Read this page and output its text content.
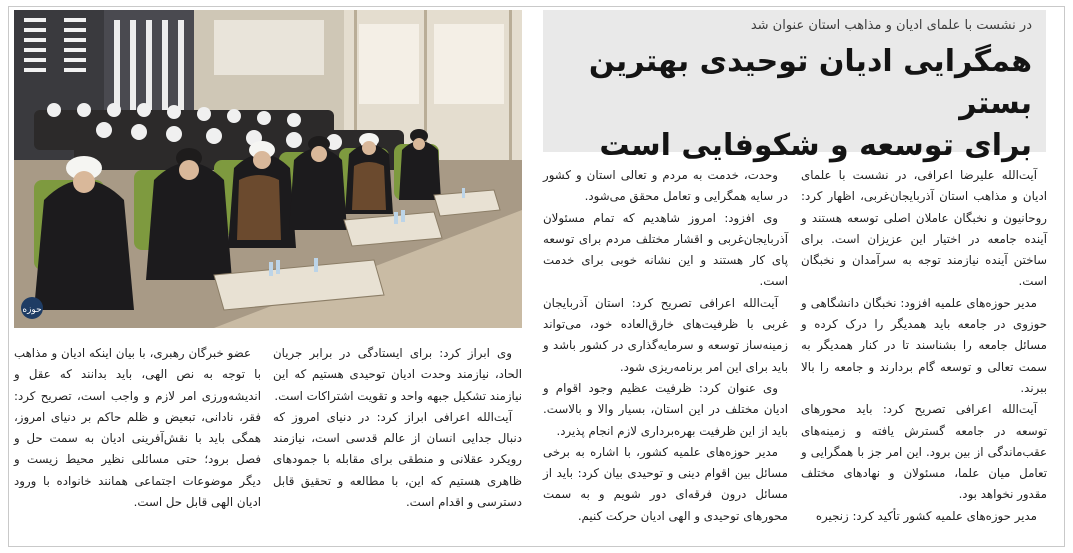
حوزه

در نشست با علمای ادیان و مذاهب استان عنوان شد

همگرایی ادیان توحیدی بهترین بستر

برای توسعه و شکوفایی است

آیت‌الله علیرضا اعرافی، در نشست با علمای ادیان و مذاهب استان آذربایجان‌غربی، اظهار کرد: روحانیون و نخبگان عاملان اصلی توسعه هستند و آینده جامعه در اختیار این عزیزان است. برای ساختن آینده نیازمند توجه به سرآمدان و نخبگان است.

مدیر حوزه‌های علمیه افزود: نخبگان دانشگاهی و حوزوی در جامعه باید همدیگر را درک کرده و مسائل جامعه را بشناسند تا در کنار همدیگر به سمت تعالی و توسعه گام بردارند و جامعه را بالا ببرند.

آیت‌الله اعرافی تصریح کرد: باید محورهای توسعه در جامعه گسترش یافته و زمینه‌های عقب‌ماندگی از بین برود. این امر جز با همگرایی و تعامل میان علما، مسئولان و نهادهای مختلف مقدور نخواهد بود.

مدیر حوزه‌های علمیه کشور تأکید کرد: زنجیره

وحدت، خدمت به مردم و تعالی استان و کشور در سایه همگرایی و تعامل محقق می‌شود.

وی افزود: امروز شاهدیم که تمام مسئولان آذربایجان‌غربی و اقشار مختلف مردم برای توسعه پای کار هستند و این نشانه خوبی برای خدمت است.

آیت‌الله اعرافی تصریح کرد: استان آذربایجان غربی با ظرفیت‌های خارق‌العاده خود، می‌تواند زمینه‌ساز توسعه و سرمایه‌گذاری در کشور باشد و باید برای این امر برنامه‌ریزی شود.

وی عنوان کرد: ظرفیت عظیم وجود اقوام و ادیان مختلف در این استان، بسیار والا و بالاست. باید از این ظرفیت بهره‌برداری لازم انجام پذیرد.

مدیر حوزه‌های علمیه کشور، با اشاره به برخی مسائل بین اقوام دینی و توحیدی بیان کرد: باید از مسائل درون فرقه‌ای دور شویم و به سمت محورهای توحیدی و الهی ادیان حرکت کنیم.

وی ابراز کرد: برای ایستادگی در برابر جریان الحاد، نیازمند وحدت ادیان توحیدی هستیم که این نیازمند تشکیل جبهه واحد و تقویت اشتراکات است.

آیت‌الله اعرافی ابراز کرد: در دنیای امروز که دنبال جدایی انسان از عالم قدسی است، نیازمند رویکرد عقلانی و منطقی برای مقابله با جمودهای ظاهری هستیم که این، با مطالعه و تحقیق قابل دسترسی و اقدام است.

عضو خبرگان رهبری، با بیان اینکه ادیان و مذاهب با توجه به نص الهی، باید بدانند که عقل و اندیشه‌ورزی امر لازم و واجب است، تصریح کرد: فقر، نادانی، تبعیض و ظلم حاکم بر دنیای امروز، همگی باید با نقش‌آفرینی ادیان به سمت حل و فصل برود؛ حتی مسائلی نظیر محیط زیست و دیگر موضوعات اجتماعی همانند خانواده با ورود ادیان الهی قابل حل است.
